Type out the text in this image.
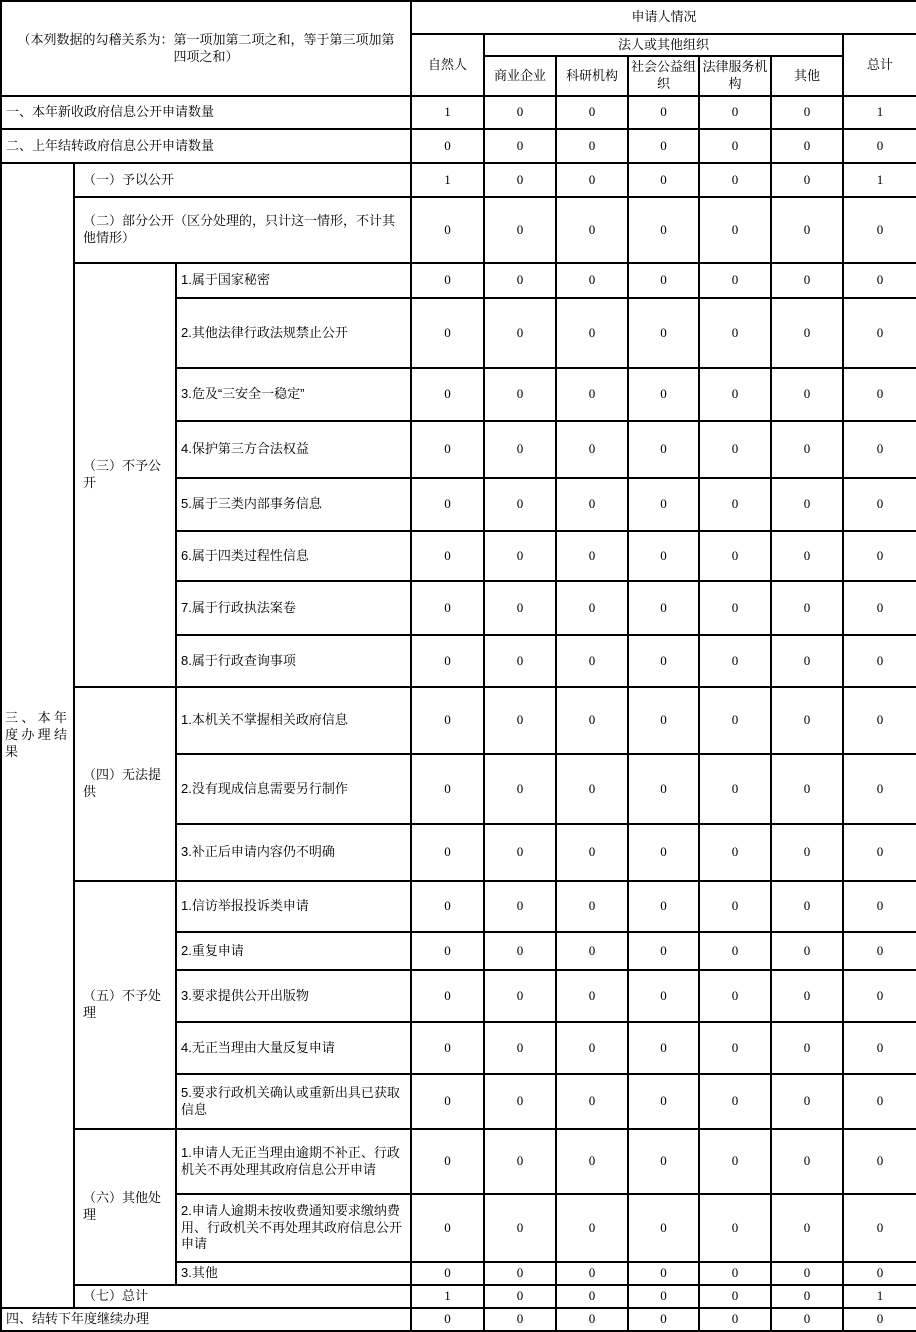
（本列数据的勾稽关系为：第一项加第二项之和，等于第三项加第四项之和）			申请人情况						
			自然人	法人或其他组织					总计
				商业企业	科研机构	社会公益组织	法律服务机构	其他	
一、本年新收政府信息公开申请数量			1	0	0	0	0	0	1
二、上年结转政府信息公开申请数量			0	0	0	0	0	0	0
三、本年度办理结果	（一）予以公开		1	0	0	0	0	0	1
	（二）部分公开（区分处理的，只计这一情形，不计其他情形）		0	0	0	0	0	0	0
	（三）不予公开	1.属于国家秘密	0	0	0	0	0	0	0
		2.其他法律行政法规禁止公开	0	0	0	0	0	0	0
		3.危及“三安全一稳定”	0	0	0	0	0	0	0
		4.保护第三方合法权益	0	0	0	0	0	0	0
		5.属于三类内部事务信息	0	0	0	0	0	0	0
		6.属于四类过程性信息	0	0	0	0	0	0	0
		7.属于行政执法案卷	0	0	0	0	0	0	0
		8.属于行政查询事项	0	0	0	0	0	0	0
	（四）无法提供	1.本机关不掌握相关政府信息	0	0	0	0	0	0	0
		2.没有现成信息需要另行制作	0	0	0	0	0	0	0
		3.补正后申请内容仍不明确	0	0	0	0	0	0	0
	（五）不予处理	1.信访举报投诉类申请	0	0	0	0	0	0	0
		2.重复申请	0	0	0	0	0	0	0
		3.要求提供公开出版物	0	0	0	0	0	0	0
		4.无正当理由大量反复申请	0	0	0	0	0	0	0
		5.要求行政机关确认或重新出具已获取信息	0	0	0	0	0	0	0
	（六）其他处理	1.申请人无正当理由逾期不补正、行政机关不再处理其政府信息公开申请	0	0	0	0	0	0	0
		2.申请人逾期未按收费通知要求缴纳费用、行政机关不再处理其政府信息公开申请	0	0	0	0	0	0	0
		3.其他	0	0	0	0	0	0	0
	（七）总计		1	0	0	0	0	0	1
四、结转下年度继续办理			0	0	0	0	0	0	0
